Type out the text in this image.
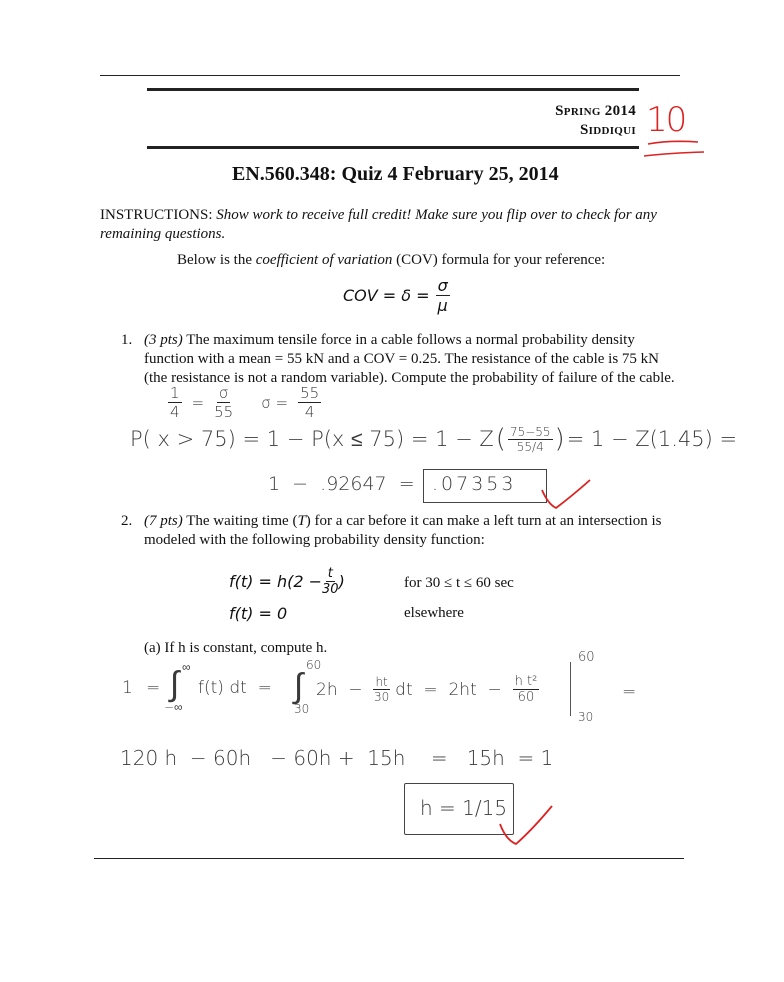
Spring 2014
Siddiqui 10
EN.560.348: Quiz 4 February 25, 2014
INSTRUCTIONS: Show work to receive full credit! Make sure you flip over to check for any remaining questions.
Below is the coefficient of variation (COV) formula for your reference:
COV = $\delta = \frac{\sigma}{\mu}$
1. (3 pts) The maximum tensile force in a cable follows a normal probability density
function with a mean = 55 kN and a COV = 0.25. The resistance of the cable is 75 kN
(the resistance is not a random variable). Compute the probability of failure of the cable.
$\frac{1}{4} = \frac{\sigma}{55}$ $\sigma = \frac{55}{4}$
P( x > 75) = 1 − P(x ≤ 75) = 1 − Z ( $\frac{75-55}{55/4}$ ) = 1 − Z(1.45) =
1  −  .92647  = .07353
2. (7 pts) The waiting time (T) for a car before it can make a left turn at an intersection is
modeled with the following probability density function:
$f(t) = h(2 - \frac{t}{30}$ )	for 30 ≤ t ≤ 60 sec
f(t) = 0	elsewhere
(a) If h is constant, compute h.
1 =
∞
∫
−∞
f(t) dt  =
60
∫
30
$2h - \frac{ht}{30}$ dt  =  $2ht - \frac{\text{h t²}}{60}$
60
30
=
120 h  − 60h   − 60h +  15h    =   15h  = 1
h = 1/15
